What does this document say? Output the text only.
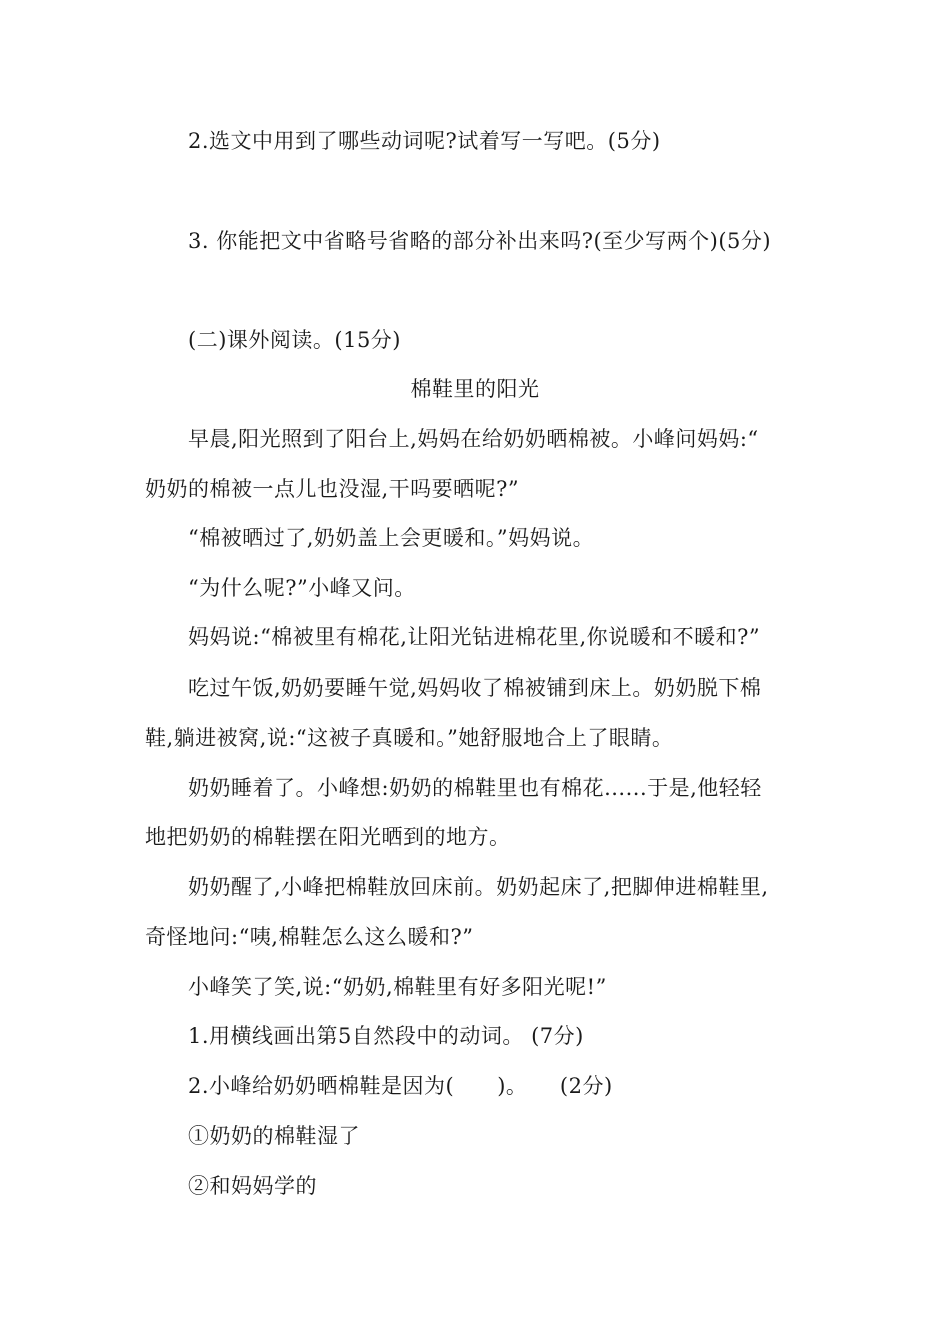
2.选文中用到了哪些动词呢?试着写一写吧。(5分)
3. 你能把文中省略号省略的部分补出来吗?(至少写两个)(5分)
(二)课外阅读。(15分)
棉鞋里的阳光
早晨,阳光照到了阳台上,妈妈在给奶奶晒棉被。小峰问妈妈:“
奶奶的棉被一点儿也没湿,干吗要晒呢?”
“棉被晒过了,奶奶盖上会更暖和。”妈妈说。
“为什么呢?”小峰又问。
妈妈说:“棉被里有棉花,让阳光钻进棉花里,你说暖和不暖和?”
吃过午饭,奶奶要睡午觉,妈妈收了棉被铺到床上。奶奶脱下棉
鞋,躺进被窝,说:“这被子真暖和。”她舒服地合上了眼睛。
奶奶睡着了。小峰想:奶奶的棉鞋里也有棉花......于是,他轻轻
地把奶奶的棉鞋摆在阳光晒到的地方。
奶奶醒了,小峰把棉鞋放回床前。奶奶起床了,把脚伸进棉鞋里,
奇怪地问:“咦,棉鞋怎么这么暖和?”
小峰笑了笑,说:“奶奶,棉鞋里有好多阳光呢!”
1.用横线画出第5自然段中的动词。 (7分)
2.小峰给奶奶晒棉鞋是因为(　　)。　　(2分)
①奶奶的棉鞋湿了
②和妈妈学的
